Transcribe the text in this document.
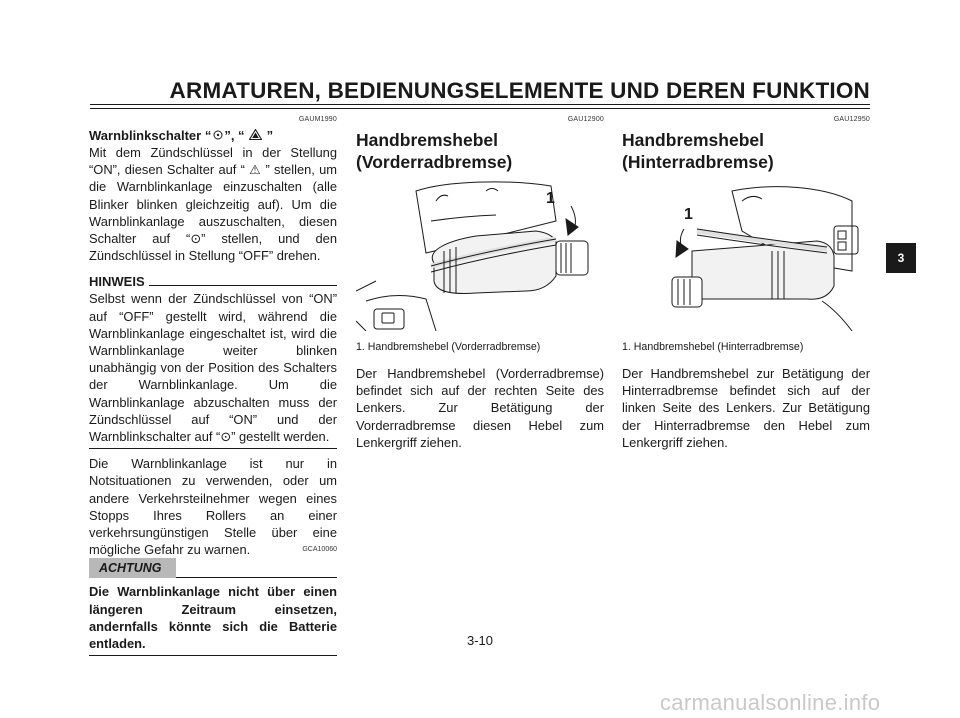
ARMATUREN, BEDIENUNGSELEMENTE UND DEREN FUNKTION
GAUM1990
Warnblinkschalter “ ”, “ ”

Mit dem Zündschlüssel in der Stellung “ON”, diesen Schalter auf “ ⚠ ” stellen, um die Warnblinkanlage einzuschalten (alle Blinker blinken gleichzeitig auf). Um die Warnblinkanlage auszuschalten, diesen Schalter auf “⊙” stellen, und den Zündschlüssel in Stellung “OFF” drehen.

HINWEIS

Selbst wenn der Zündschlüssel von “ON” auf “OFF” gestellt wird, während die Warnblinkanlage eingeschaltet ist, wird die Warnblinkanlage weiter blinken unabhängig von der Position des Schalters der Warnblinkanlage. Um die Warnblinkanlage abzuschalten muss der Zündschlüssel auf “ON” und der Warnblinkschalter auf “⊙” gestellt werden.

Die Warnblinkanlage ist nur in Notsituationen zu verwenden, oder um andere Verkehrsteilnehmer wegen eines Stopps Ihres Rollers an einer verkehrsungünstigen Stelle über eine mögliche Gefahr zu warnen.	GCA10060
ACHTUNG
Die Warnblinkanlage nicht über einen längeren Zeitraum einsetzen, andernfalls könnte sich die Batterie entladen.
GAU12900
Handbremshebel
(Vorderradbremse)
1
1. Handbremshebel (Vorderradbremse)

Der Handbremshebel (Vorderradbremse) befindet sich auf der rechten Seite des Lenkers. Zur Betätigung der Vorderradbremse diesen Hebel zum Lenkergriff ziehen.

GAU12950
Handbremshebel
(Hinterradbremse)
1
1. Handbremshebel (Hinterradbremse)

Der Handbremshebel zur Betätigung der Hinterradbremse befindet sich auf der linken Seite des Lenkers. Zur Betätigung der Hinterradbremse den Hebel zum Lenkergriff ziehen.

3-10
3
carmanualsonline.info
